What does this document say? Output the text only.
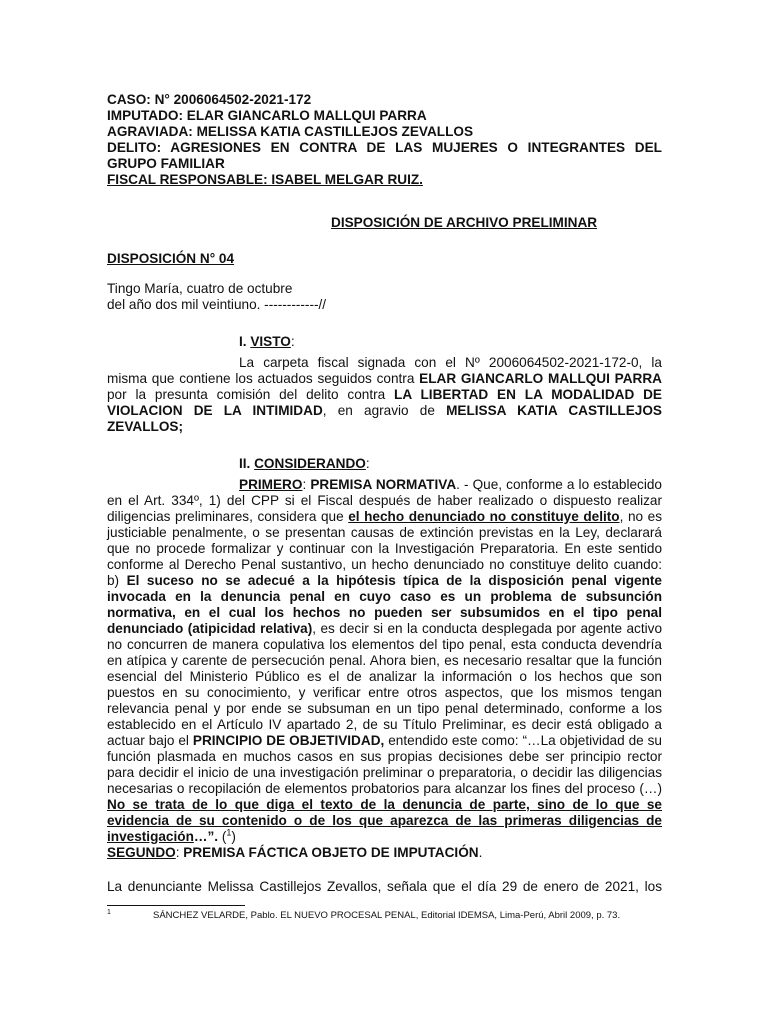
CASO: N° 2006064502-2021-172

IMPUTADO: ELAR GIANCARLO MALLQUI PARRA

AGRAVIADA: MELISSA KATIA CASTILLEJOS ZEVALLOS

DELITO: AGRESIONES EN CONTRA DE LAS MUJERES O INTEGRANTES DEL GRUPO FAMILIAR

FISCAL RESPONSABLE: ISABEL MELGAR RUIZ.

DISPOSICIÓN DE ARCHIVO PRELIMINAR

DISPOSICIÓN N° 04

Tingo María, cuatro de octubre

del año dos mil veintiuno. ------------//

I. VISTO:

La carpeta fiscal signada con el Nº 2006064502-2021-172-0, la misma que contiene los actuados seguidos contra ELAR GIANCARLO MALLQUI PARRA por la presunta comisión del delito contra LA LIBERTAD EN LA MODALIDAD DE VIOLACION DE LA INTIMIDAD, en agravio de MELISSA KATIA CASTILLEJOS ZEVALLOS;

II. CONSIDERANDO:

PRIMERO: PREMISA NORMATIVA. - Que, conforme a lo establecido en el Art. 334º, 1) del CPP si el Fiscal después de haber realizado o dispuesto realizar diligencias preliminares, considera que el hecho denunciado no constituye delito, no es justiciable penalmente, o se presentan causas de extinción previstas en la Ley, declarará que no procede formalizar y continuar con la Investigación Preparatoria. En este sentido conforme al Derecho Penal sustantivo, un hecho denunciado no constituye delito cuando: b) El suceso no se adecué a la hipótesis típica de la disposición penal vigente invocada en la denuncia penal en cuyo caso es un problema de subsunción normativa, en el cual los hechos no pueden ser subsumidos en el tipo penal denunciado (atipicidad relativa), es decir si en la conducta desplegada por agente activo no concurren de manera copulativa los elementos del tipo penal, esta conducta devendría en atípica y carente de persecución penal. Ahora bien, es necesario resaltar que la función esencial del Ministerio Público es el de analizar la información o los hechos que son puestos en su conocimiento, y verificar entre otros aspectos, que los mismos tengan relevancia penal y por ende se subsuman en un tipo penal determinado, conforme a los establecido en el Artículo IV apartado 2, de su Título Preliminar, es decir está obligado a actuar bajo el PRINCIPIO DE OBJETIVIDAD, entendido este como: “…La objetividad de su función plasmada en muchos casos en sus propias decisiones debe ser principio rector para decidir el inicio de una investigación preliminar o preparatoria, o decidir las diligencias necesarias o recopilación de elementos probatorios para alcanzar los fines del proceso (…) No se trata de lo que diga el texto de la denuncia de parte, sino de lo que se evidencia de su contenido o de los que aparezca de las primeras diligencias de investigación…”. ($^1$)

SEGUNDO: PREMISA FÁCTICA OBJETO DE IMPUTACIÓN.

La denunciante Melissa Castillejos Zevallos, señala que el día 29 de enero de 2021, los

1	SÁNCHEZ VELARDE, Pablo. EL NUEVO PROCESAL PENAL, Editorial IDEMSA, Lima-Perú, Abril 2009, p. 73.
